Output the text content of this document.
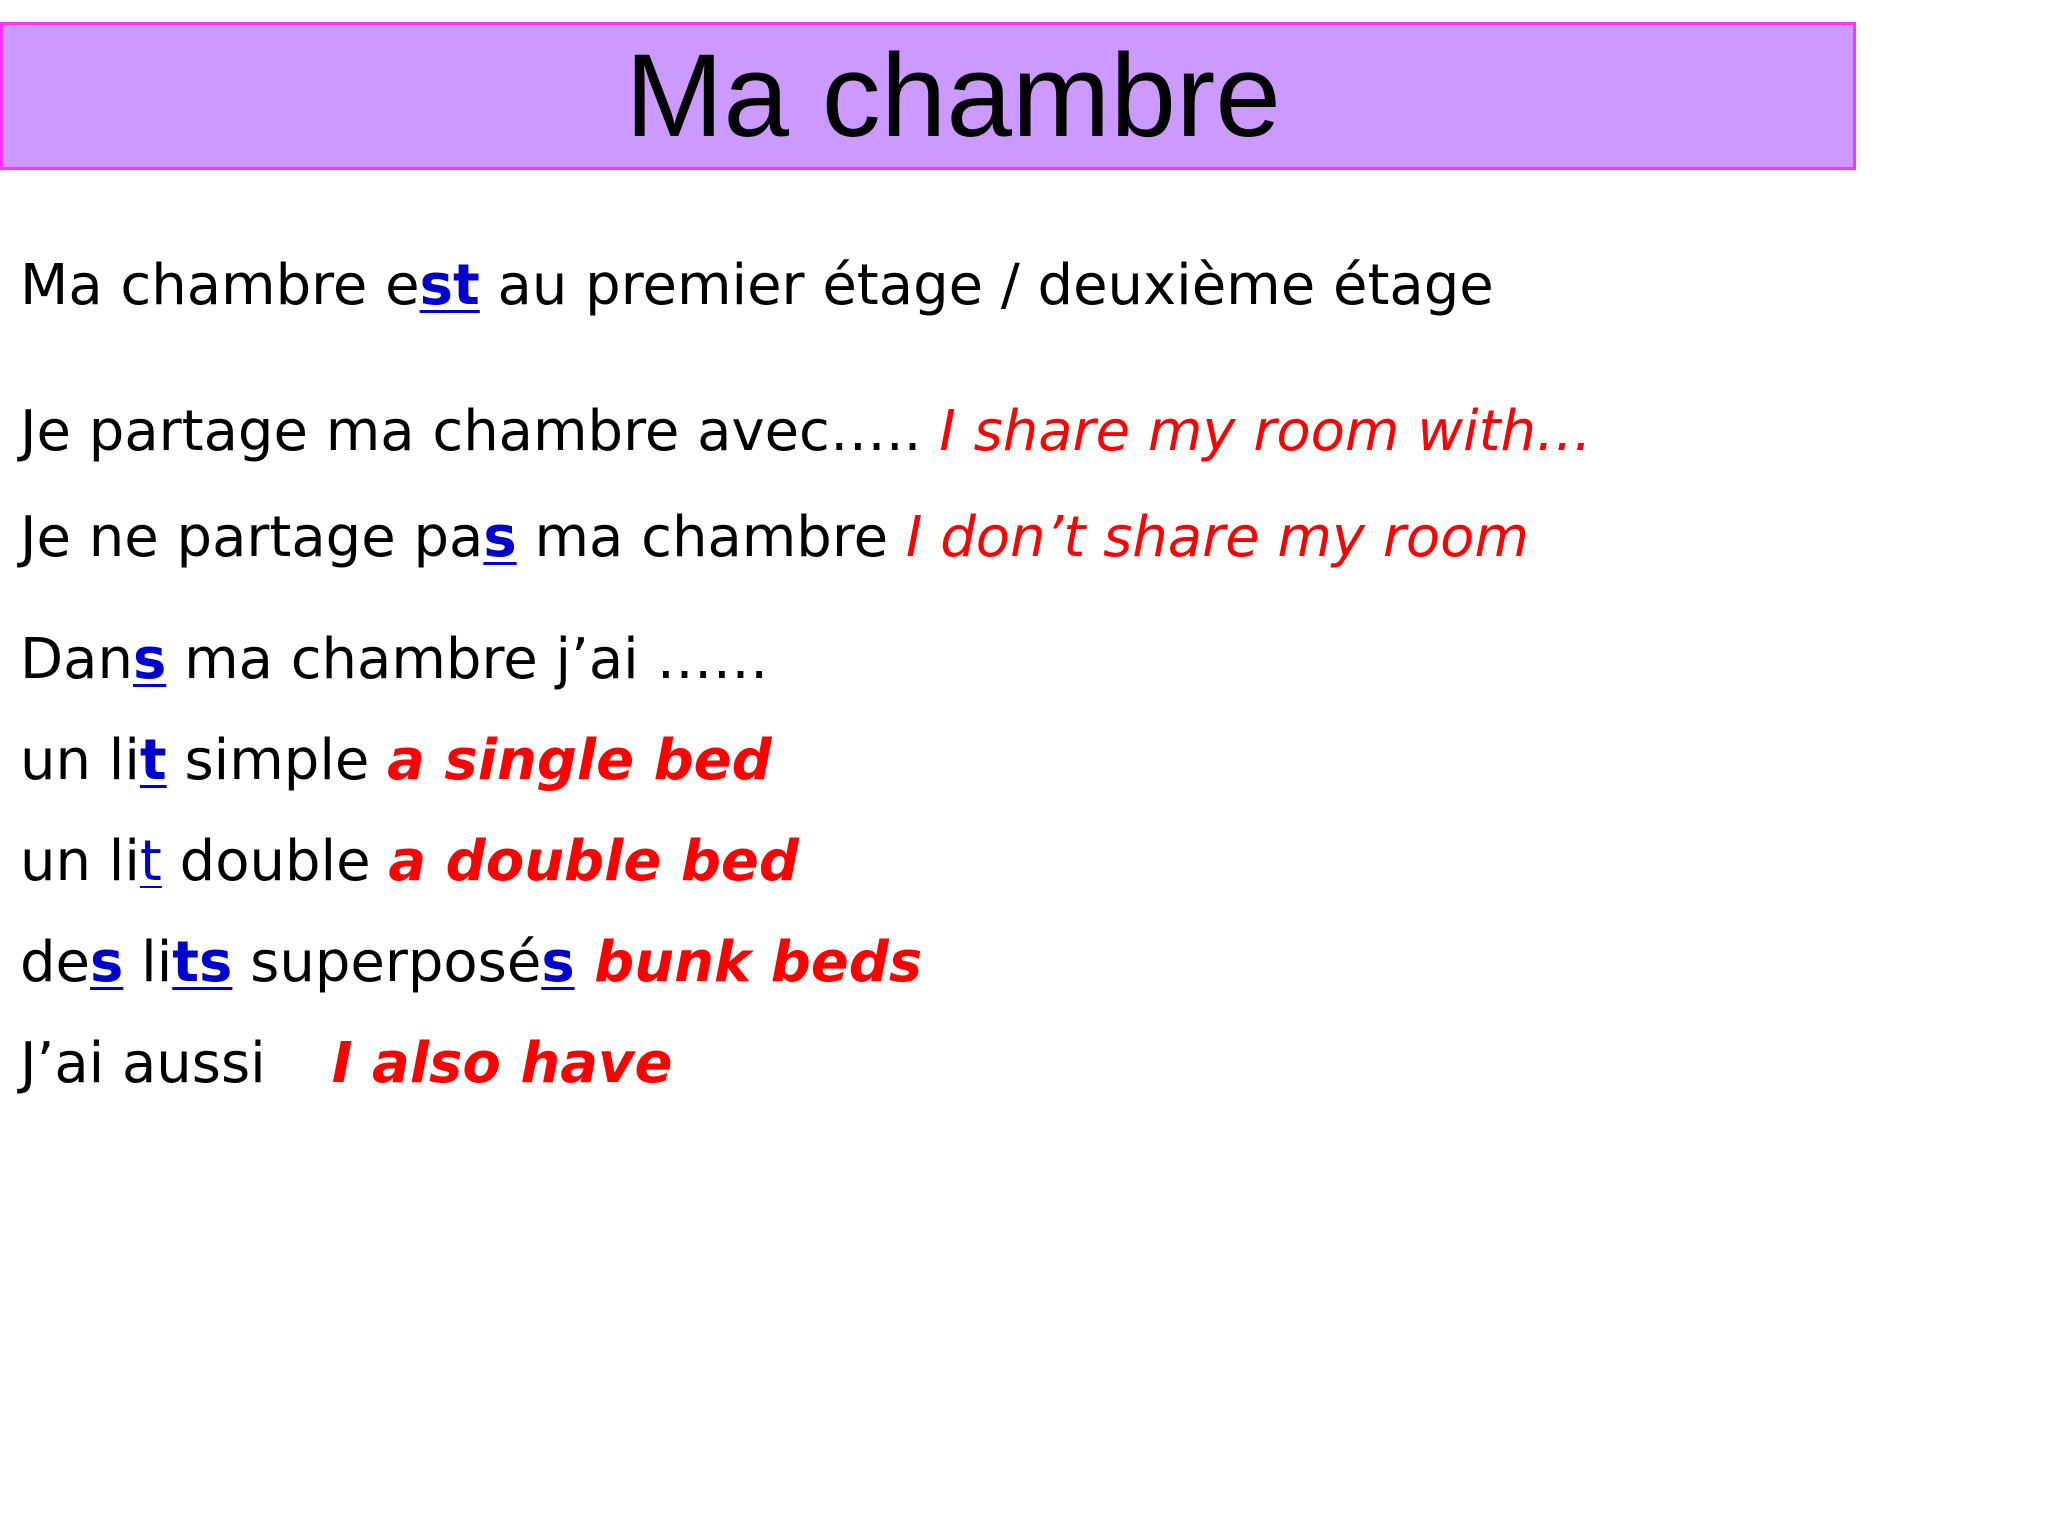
Ma chambre
Ma chambre est au premier étage / deuxième étage
Je partage ma chambre avec….. I share my room with…
Je ne partage pas ma chambre I don’t share my room
Dans ma chambre j’ai ……
un lit simple a single bed
un lit double a double bed
des lits superposés bunk beds
J’ai aussi I also have
